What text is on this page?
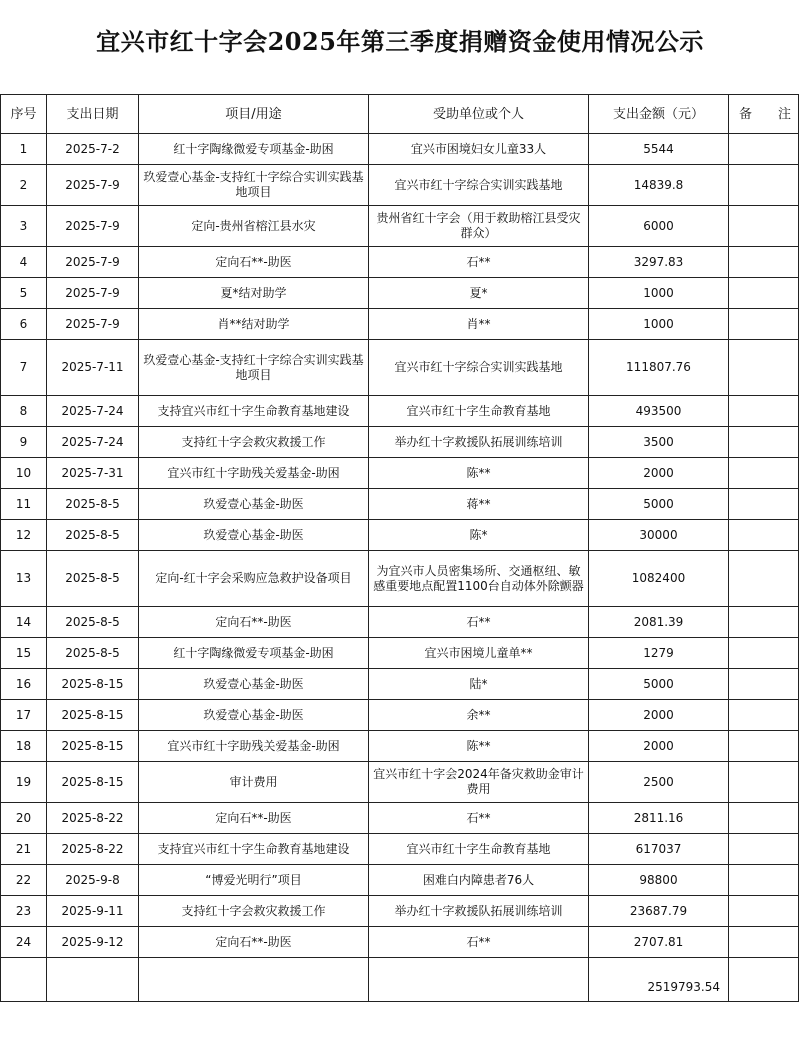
宜兴市红十字会2025年第三季度捐赠资金使用情况公示
序号	支出日期	项目/用途	受助单位或个人	支出金额（元）	备　　注
1	2025-7-2	红十字陶缘微爱专项基金-助困	宜兴市困境妇女儿童33人	5544	
2	2025-7-9	玖爱壹心基金-支持红十字综合实训实践基地项目	宜兴市红十字综合实训实践基地	14839.8	
3	2025-7-9	定向-贵州省榕江县水灾	贵州省红十字会（用于救助榕江县受灾群众）	6000	
4	2025-7-9	定向石**-助医	石**	3297.83	
5	2025-7-9	夏*结对助学	夏*	1000	
6	2025-7-9	肖**结对助学	肖**	1000	
7	2025-7-11	玖爱壹心基金-支持红十字综合实训实践基地项目	宜兴市红十字综合实训实践基地	111807.76	
8	2025-7-24	支持宜兴市红十字生命教育基地建设	宜兴市红十字生命教育基地	493500	
9	2025-7-24	支持红十字会救灾救援工作	举办红十字救援队拓展训练培训	3500	
10	2025-7-31	宜兴市红十字助残关爱基金-助困	陈**	2000	
11	2025-8-5	玖爱壹心基金-助医	蒋**	5000	
12	2025-8-5	玖爱壹心基金-助医	陈*	30000	
13	2025-8-5	定向-红十字会采购应急救护设备项目	为宜兴市人员密集场所、交通枢纽、敏感重要地点配置1100台自动体外除颤器	1082400	
14	2025-8-5	定向石**-助医	石**	2081.39	
15	2025-8-5	红十字陶缘微爱专项基金-助困	宜兴市困境儿童单**	1279	
16	2025-8-15	玖爱壹心基金-助医	陆*	5000	
17	2025-8-15	玖爱壹心基金-助医	余**	2000	
18	2025-8-15	宜兴市红十字助残关爱基金-助困	陈**	2000	
19	2025-8-15	审计费用	宜兴市红十字会2024年备灾救助金审计费用	2500	
20	2025-8-22	定向石**-助医	石**	2811.16	
21	2025-8-22	支持宜兴市红十字生命教育基地建设	宜兴市红十字生命教育基地	617037	
22	2025-9-8	“博爱光明行”项目	困难白内障患者76人	98800	
23	2025-9-11	支持红十字会救灾救援工作	举办红十字救援队拓展训练培训	23687.79	
24	2025-9-12	定向石**-助医	石**	2707.81	
				2519793.54	
